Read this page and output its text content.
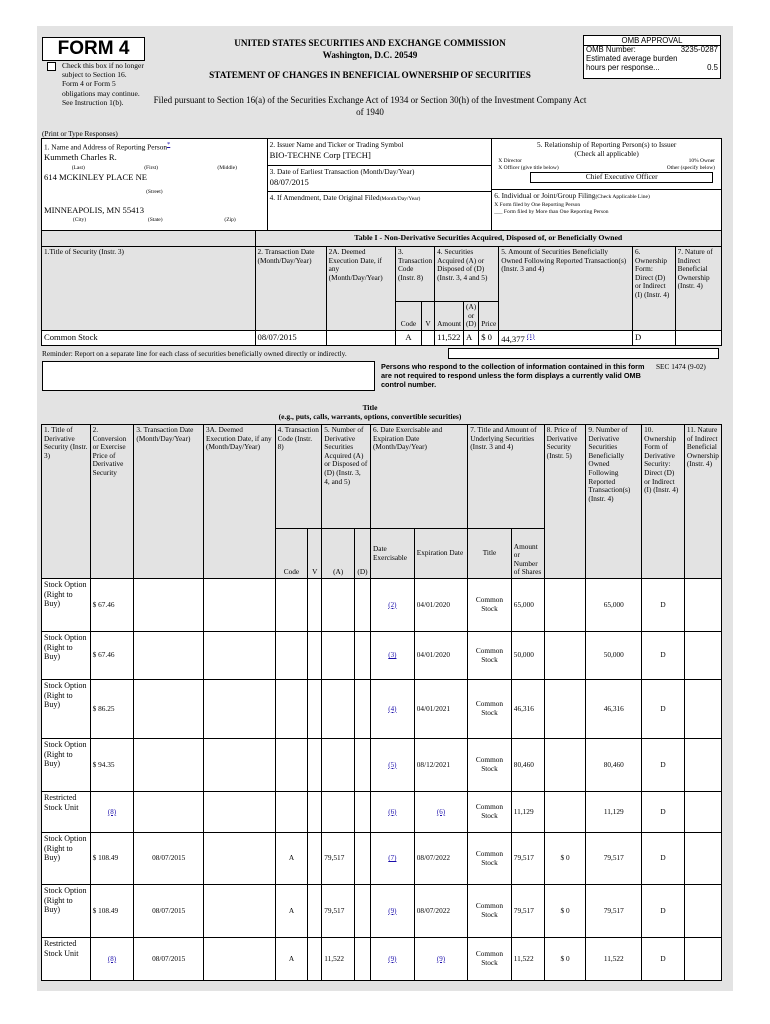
FORM 4
Check this box if no longer subject to Section 16. Form 4 or Form 5 obligations may continue. See Instruction 1(b).
UNITED STATES SECURITIES AND EXCHANGE COMMISSION
Washington, D.C. 20549
STATEMENT OF CHANGES IN BENEFICIAL OWNERSHIP OF SECURITIES
Filed pursuant to Section 16(a) of the Securities Exchange Act of 1934 or Section 30(h) of the Investment Company Act of 1940
OMB APPROVAL
OMB Number:	3235-0287
Estimated average burden
hours per response...	0.5
(Print or Type Responses)
1. Name and Address of Reporting Person*
Kummeth Charles R.
(Last)	(First)	(Middle)
614 MCKINLEY PLACE NE
(Street)
MINNEAPOLIS, MN 55413
(City)	(State)	(Zip)

2. Issuer Name and Ticker or Trading Symbol
BIO-TECHNE Corp [TECH]
3. Date of Earliest Transaction (Month/Day/Year)
08/07/2015
4. If Amendment, Date Original Filed(Month/Day/Year)

5. Relationship of Reporting Person(s) to Issuer
(Check all applicable)
X Director	10% Owner
X Officer (give title below)	Other (specify below)
Chief Executive Officer
6. Individual or Joint/Group Filing(Check Applicable Line)
X Form filed by One Reporting Person
___ Form filed by More than One Reporting Person
	Table I - Non-Derivative Securities Acquired, Disposed of, or Beneficially Owned									
1.Title of Security (Instr. 3)	2. Transaction Date (Month/Day/Year)	2A. Deemed Execution Date, if any (Month/Day/Year)	3. Transaction Code (Instr. 8)		4. Securities Acquired (A) or Disposed of (D) (Instr. 3, 4 and 5)			5. Amount of Securities Beneficially Owned Following Reported Transaction(s) (Instr. 3 and 4)	6. Ownership Form: Direct (D) or Indirect (I) (Instr. 4)	7. Nature of Indirect Beneficial Ownership (Instr. 4)
			Code	V	Amount	(A) or (D)	Price			
Common Stock	08/07/2015		A		11,522	A	$ 0	44,377 $^{(1)}$	D	
Reminder: Report on a separate line for each class of securities beneficially owned directly or indirectly.
Persons who respond to the collection of information contained in this form are not required to respond unless the form displays a currently valid OMB control number.
SEC 1474 (9-02)
Title
(e.g., puts, calls, warrants, options, convertible securities)
1. Title of Derivative Security (Instr. 3)	2. Conversion or Exercise Price of Derivative Security	3. Transaction Date (Month/Day/Year)	3A. Deemed Execution Date, if any (Month/Day/Year)	4. Transaction Code (Instr. 8)		5. Number of Derivative Securities Acquired (A) or Disposed of (D) (Instr. 3, 4, and 5)		6. Date Exercisable and Expiration Date (Month/Day/Year)		7. Title and Amount of Underlying Securities (Instr. 3 and 4)		8. Price of Derivative Security (Instr. 5)	9. Number of Derivative Securities Beneficially Owned Following Reported Transaction(s) (Instr. 4)	10. Ownership Form of Derivative Security: Direct (D) or Indirect (I) (Instr. 4)	11. Nature of Indirect Beneficial Ownership (Instr. 4)
				Code	V	(A)	(D)	Date Exercisable	Expiration Date	Title	Amount or Number of Shares				
Stock Option (Right to Buy)	$ 67.46							(2)	04/01/2020	Common Stock	65,000		65,000	D	
Stock Option (Right to Buy)	$ 67.46							(3)	04/01/2020	Common Stock	50,000		50,000	D	
Stock Option (Right to Buy)	$ 86.25							(4)	04/01/2021	Common Stock	46,316		46,316	D	
Stock Option (Right to Buy)	$ 94.35							(5)	08/12/2021	Common Stock	80,460		80,460	D	
Restricted Stock Unit	(8)							(6)	(6)	Common Stock	11,129		11,129	D	
Stock Option (Right to Buy)	$ 108.49	08/07/2015		A		79,517		(7)	08/07/2022	Common Stock	79,517	$ 0	79,517	D	
Stock Option (Right to Buy)	$ 108.49	08/07/2015		A		79,517		(9)	08/07/2022	Common Stock	79,517	$ 0	79,517	D	
Restricted Stock Unit	(8)	08/07/2015		A		11,522		(9)	(9)	Common Stock	11,522	$ 0	11,522	D	
